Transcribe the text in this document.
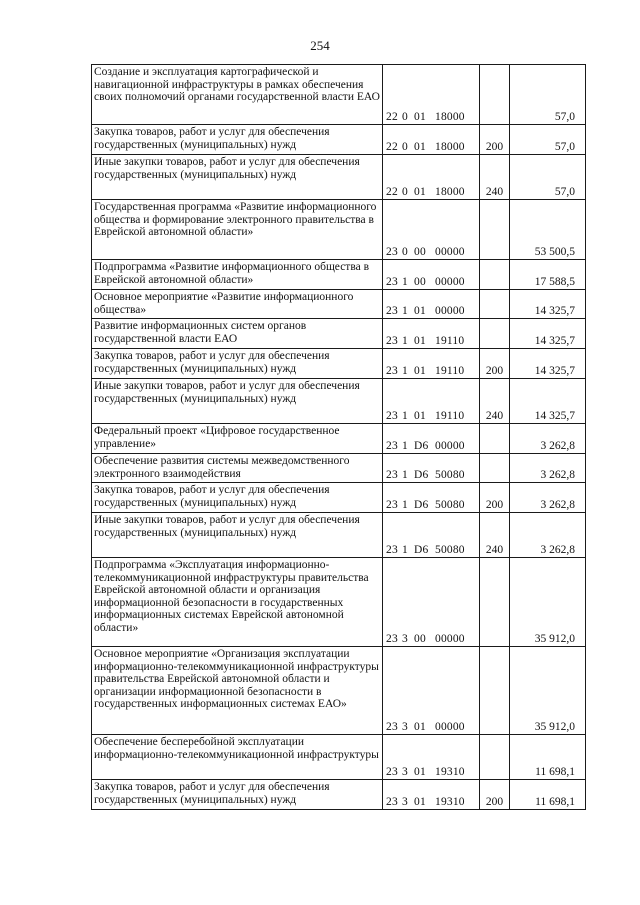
254
Создание и эксплуатация картографической и навигационной инфраструктуры в рамках обеспечения своих полномочий органами государственной власти ЕАО	22 0 01 18000		57,0
Закупка товаров, работ и услуг для обеспечения государственных (муниципальных) нужд	22 0 01 18000	200	57,0
Иные закупки товаров, работ и услуг для обеспечения государственных (муниципальных) нужд	22 0 01 18000	240	57,0
Государственная программа «Развитие информационного общества и формирование электронного правительства в Еврейской автономной области»	23 0 00 00000		53 500,5
Подпрограмма «Развитие информационного общества в Еврейской автономной области»	23 1 00 00000		17 588,5
Основное мероприятие «Развитие информационного общества»	23 1 01 00000		14 325,7
Развитие информационных систем органов государственной власти ЕАО	23 1 01 19110		14 325,7
Закупка товаров, работ и услуг для обеспечения государственных (муниципальных) нужд	23 1 01 19110	200	14 325,7
Иные закупки товаров, работ и услуг для обеспечения государственных (муниципальных) нужд	23 1 01 19110	240	14 325,7
Федеральный проект «Цифровое государственное управление»	23 1 D6 00000		3 262,8
Обеспечение развития системы межведомственного электронного взаимодействия	23 1 D6 50080		3 262,8
Закупка товаров, работ и услуг для обеспечения государственных (муниципальных) нужд	23 1 D6 50080	200	3 262,8
Иные закупки товаров, работ и услуг для обеспечения государственных (муниципальных) нужд	23 1 D6 50080	240	3 262,8
Подпрограмма «Эксплуатация информационно-телекоммуникационной инфраструктуры правительства Еврейской автономной области и организация информационной безопасности в государственных информационных системах Еврейской автономной области»	23 3 00 00000		35 912,0
Основное мероприятие «Организация эксплуатации информационно-телекоммуникационной инфраструктуры правительства Еврейской автономной области и организации информационной безопасности в государственных информационных системах ЕАО»	23 3 01 00000		35 912,0
Обеспечение бесперебойной эксплуатации информационно-телекоммуникационной инфраструктуры	23 3 01 19310		11 698,1
Закупка товаров, работ и услуг для обеспечения государственных (муниципальных) нужд	23 3 01 19310	200	11 698,1
